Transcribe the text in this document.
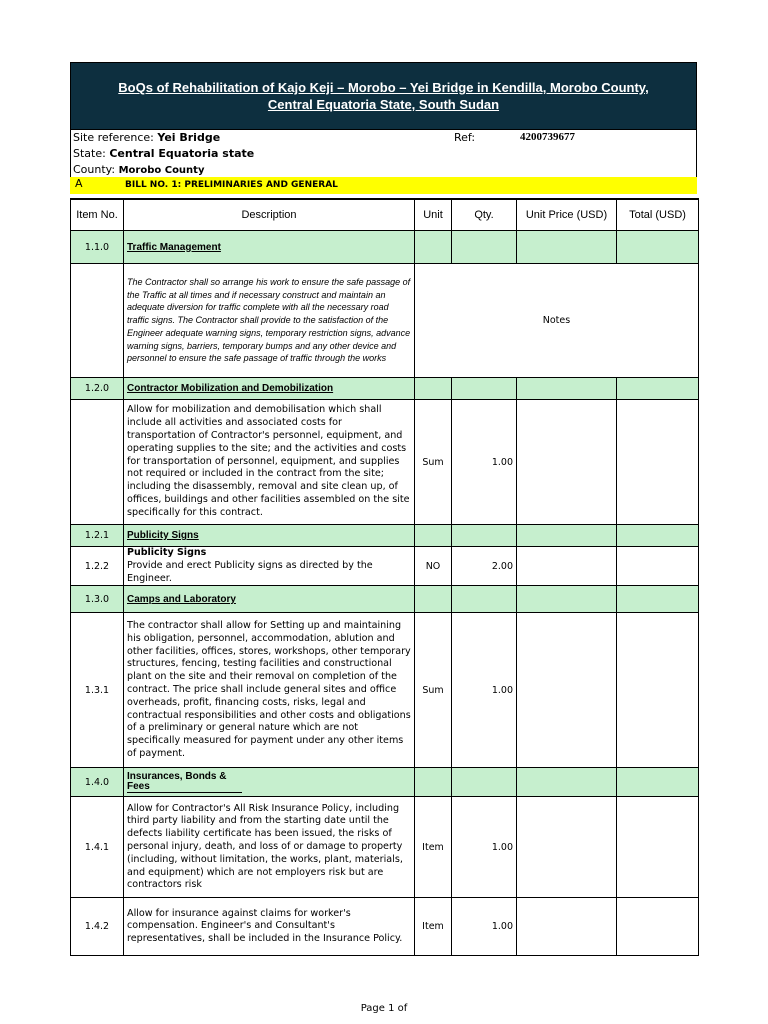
BoQs of Rehabilitation of Kajo Keji – Morobo – Yei Bridge in Kendilla, Morobo County, Central Equatoria State, South Sudan
Site reference: Yei Bridge	Ref:	4200739677
State: Central Equatoria state
County: Morobo County
A	BILL NO. 1: PRELIMINARIES AND GENERAL
Item No.	Description	Unit	Qty.	Unit Price (USD)	Total (USD)
1.1.0	Traffic Management				
	The Contractor shall so arrange his work to ensure the safe passage of the Traffic at all times and if necessary construct and maintain an adequate diversion for traffic complete with all the necessary road traffic signs. The Contractor shall provide to the satisfaction of the Engineer adequate warning signs, temporary restriction signs, advance warning signs, barriers, temporary bumps and any other device and personnel to ensure the safe passage of traffic through the works	Notes			
1.2.0	Contractor Mobilization and Demobilization				
	Allow for mobilization and demobilisation which shall include all activities and associated costs for transportation of Contractor's personnel, equipment, and operating supplies to the site; and the activities and costs for transportation of personnel, equipment, and supplies not required or included in the contract from the site; including the disassembly, removal and site clean up, of offices, buildings and other facilities assembled on the site specifically for this contract.	Sum	1.00		
1.2.1	Publicity Signs				
1.2.2	Publicity Signs
Provide and erect Publicity signs as directed by the Engineer.	NO	2.00		
1.3.0	Camps and Laboratory				
1.3.1	The contractor shall allow for Setting up and maintaining his obligation, personnel, accommodation, ablution and other facilities, offices, stores, workshops, other temporary structures, fencing, testing facilities and constructional plant on the site and their removal on completion of the contract. The price shall include general sites and office overheads, profit, financing costs, risks, legal and contractual responsibilities and other costs and obligations of a preliminary or general nature which are not specifically measured for payment under any other items of payment.	Sum	1.00		
1.4.0	Insurances, Bonds & Fees				
1.4.1	Allow for Contractor's All Risk Insurance Policy, including third party liability and from the starting date until the defects liability certificate has been issued, the risks of personal injury, death, and loss of or damage to property (including, without limitation, the works, plant, materials, and equipment) which are not employers risk but are contractors risk	Item	1.00		
1.4.2	Allow for insurance against claims for worker's compensation. Engineer's and Consultant's representatives, shall be included in the Insurance Policy.	Item	1.00		
Page 1 of
